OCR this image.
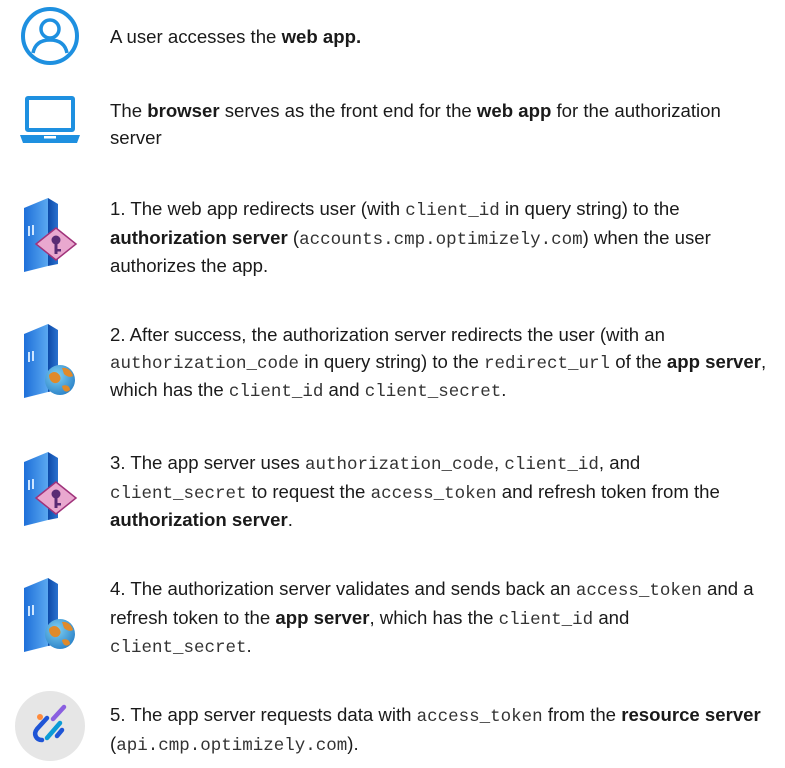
A user accesses the web app.
The browser serves as the front end for the web app for the authorization server
1. The web app redirects user (with client_id in query string) to the authorization server (accounts.cmp.optimizely.com) when the user authorizes the app.
2. After success, the authorization server redirects the user (with an authorization_code in query string) to the redirect_url of the app server, which has the client_id and client_secret.
3. The app server uses authorization_code, client_id, and client_secret to request the access_token and refresh token from the authorization server.
4. The authorization server validates and sends back an access_token and a refresh token to the app server, which has the client_id and client_secret.
5. The app server requests data with access_token from the resource server (api.cmp.optimizely.com).
